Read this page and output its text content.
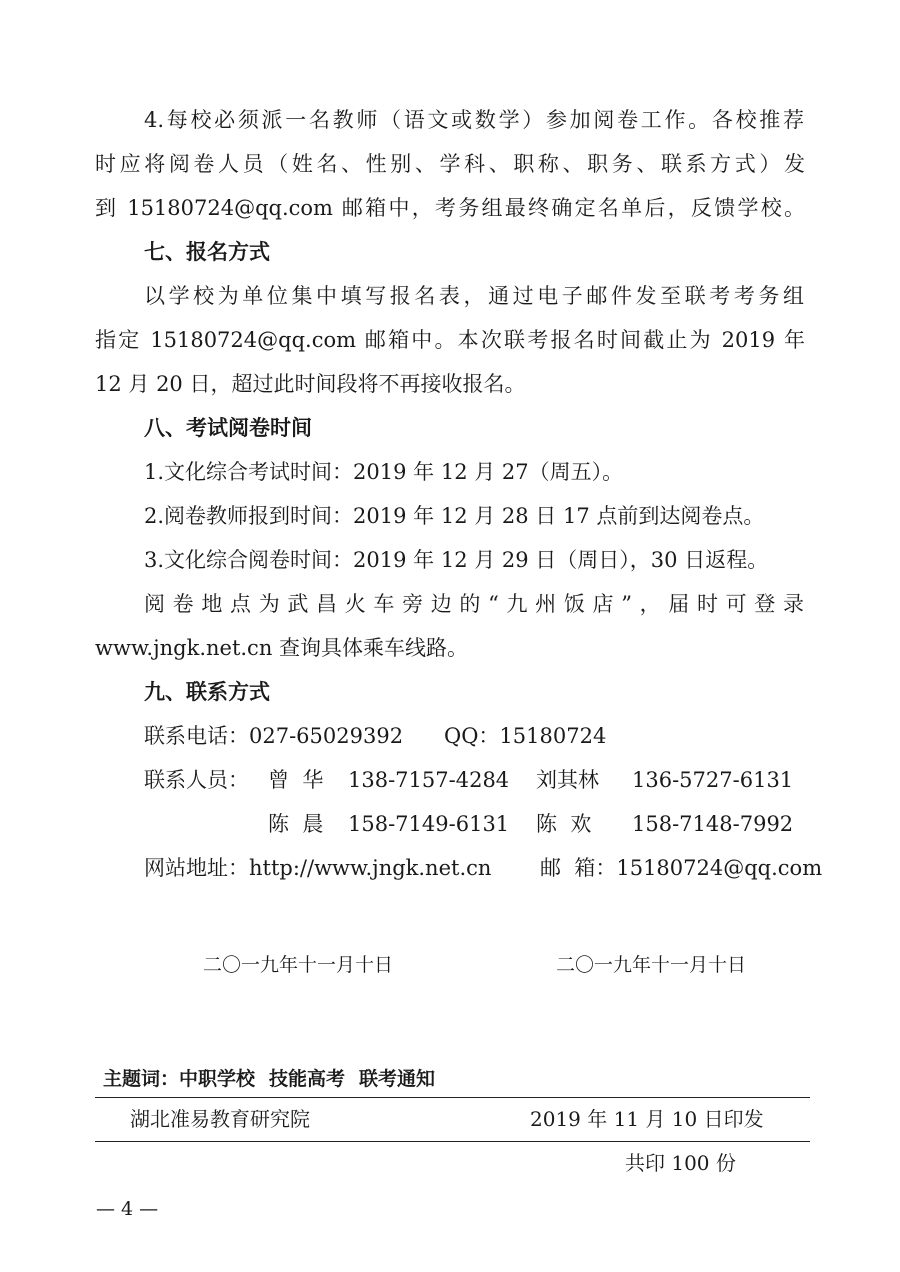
4.每校必须派一名教师（语文或数学）参加阅卷工作。各校推荐
时应将阅卷人员（姓名、性别、学科、职称、职务、联系方式）发
到 15180724@qq.com 邮箱中，考务组最终确定名单后，反馈学校。
七、报名方式
以学校为单位集中填写报名表，通过电子邮件发至联考考务组
指定 15180724@qq.com 邮箱中。本次联考报名时间截止为 2019 年
12 月 20 日，超过此时间段将不再接收报名。
八、考试阅卷时间
1.文化综合考试时间：2019 年 12 月 27（周五）。
2.阅卷教师报到时间：2019 年 12 月 28 日 17 点前到达阅卷点。
3.文化综合阅卷时间：2019 年 12 月 29 日（周日），30 日返程。
阅卷地点为武昌火车旁边的“九州饭店”，届时可登录
www.jngk.net.cn 查询具体乘车线路。
九、联系方式
联系电话：027-65029392 QQ：15180724
联系人员： 曾  华 138-7157-4284 刘其林 136-5727-6131
陈  晨 158-7149-6131 陈  欢 158-7148-7992
网站地址：http://www.jngk.net.cn 邮  箱：15180724@qq.com
二〇一九年十一月十日	二〇一九年十一月十日
主题词：中职学校 技能高考 联考通知
湖北准易教育研究院	2019 年 11 月 10 日印发
共印 100 份
— 4 —
